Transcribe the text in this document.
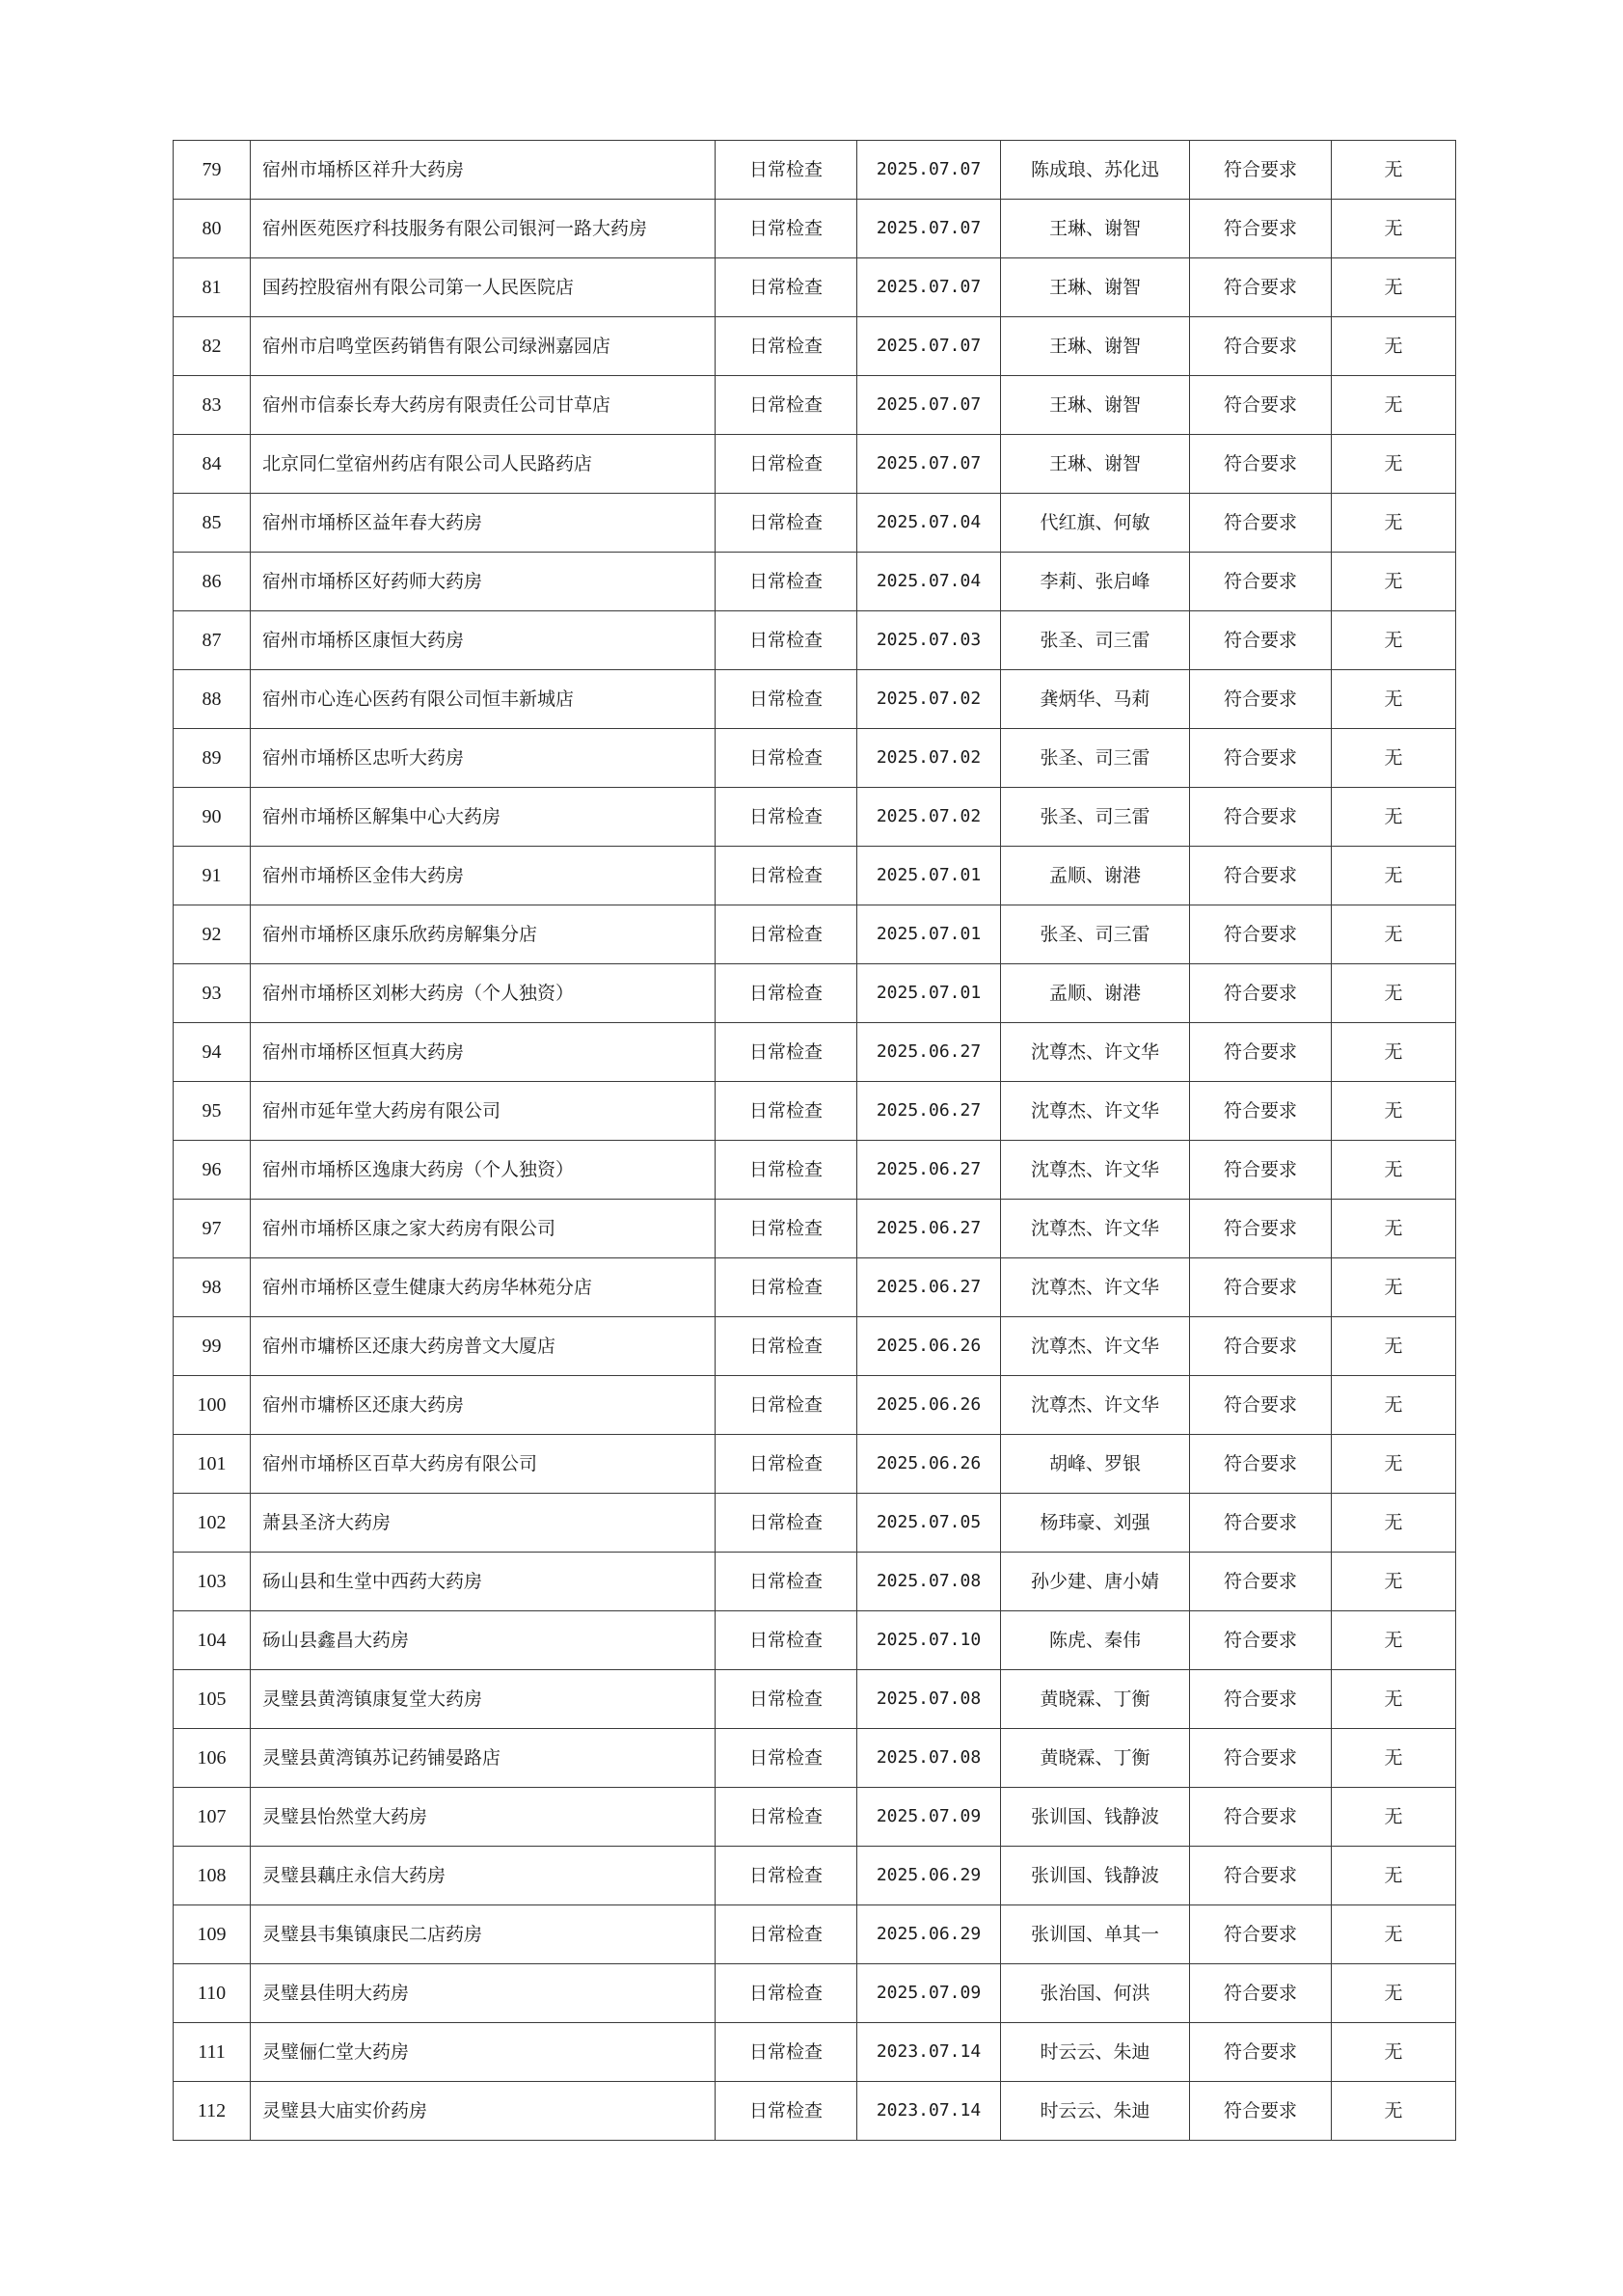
79	宿州市埇桥区祥升大药房	日常检查	2025.07.07	陈成琅、苏化迅	符合要求	无
80	宿州医苑医疗科技服务有限公司银河一路大药房	日常检查	2025.07.07	王琳、谢智	符合要求	无
81	国药控股宿州有限公司第一人民医院店	日常检查	2025.07.07	王琳、谢智	符合要求	无
82	宿州市启鸣堂医药销售有限公司绿洲嘉园店	日常检查	2025.07.07	王琳、谢智	符合要求	无
83	宿州市信泰长寿大药房有限责任公司甘草店	日常检查	2025.07.07	王琳、谢智	符合要求	无
84	北京同仁堂宿州药店有限公司人民路药店	日常检查	2025.07.07	王琳、谢智	符合要求	无
85	宿州市埇桥区益年春大药房	日常检查	2025.07.04	代红旗、何敏	符合要求	无
86	宿州市埇桥区好药师大药房	日常检查	2025.07.04	李莉、张启峰	符合要求	无
87	宿州市埇桥区康恒大药房	日常检查	2025.07.03	张圣、司三雷	符合要求	无
88	宿州市心连心医药有限公司恒丰新城店	日常检查	2025.07.02	龚炳华、马莉	符合要求	无
89	宿州市埇桥区忠听大药房	日常检查	2025.07.02	张圣、司三雷	符合要求	无
90	宿州市埇桥区解集中心大药房	日常检查	2025.07.02	张圣、司三雷	符合要求	无
91	宿州市埇桥区金伟大药房	日常检查	2025.07.01	孟顺、谢港	符合要求	无
92	宿州市埇桥区康乐欣药房解集分店	日常检查	2025.07.01	张圣、司三雷	符合要求	无
93	宿州市埇桥区刘彬大药房（个人独资）	日常检查	2025.07.01	孟顺、谢港	符合要求	无
94	宿州市埇桥区恒真大药房	日常检查	2025.06.27	沈尊杰、许文华	符合要求	无
95	宿州市延年堂大药房有限公司	日常检查	2025.06.27	沈尊杰、许文华	符合要求	无
96	宿州市埇桥区逸康大药房（个人独资）	日常检查	2025.06.27	沈尊杰、许文华	符合要求	无
97	宿州市埇桥区康之家大药房有限公司	日常检查	2025.06.27	沈尊杰、许文华	符合要求	无
98	宿州市埇桥区壹生健康大药房华林苑分店	日常检查	2025.06.27	沈尊杰、许文华	符合要求	无
99	宿州市墉桥区还康大药房普文大厦店	日常检查	2025.06.26	沈尊杰、许文华	符合要求	无
100	宿州市墉桥区还康大药房	日常检查	2025.06.26	沈尊杰、许文华	符合要求	无
101	宿州市埇桥区百草大药房有限公司	日常检查	2025.06.26	胡峰、罗银	符合要求	无
102	萧县圣济大药房	日常检查	2025.07.05	杨玮豪、刘强	符合要求	无
103	砀山县和生堂中西药大药房	日常检查	2025.07.08	孙少建、唐小婧	符合要求	无
104	砀山县鑫昌大药房	日常检查	2025.07.10	陈虎、秦伟	符合要求	无
105	灵璧县黄湾镇康复堂大药房	日常检查	2025.07.08	黄晓霖、丁衡	符合要求	无
106	灵璧县黄湾镇苏记药铺晏路店	日常检查	2025.07.08	黄晓霖、丁衡	符合要求	无
107	灵璧县怡然堂大药房	日常检查	2025.07.09	张训国、钱静波	符合要求	无
108	灵璧县藕庄永信大药房	日常检查	2025.06.29	张训国、钱静波	符合要求	无
109	灵璧县韦集镇康民二店药房	日常检查	2025.06.29	张训国、单其一	符合要求	无
110	灵璧县佳明大药房	日常检查	2025.07.09	张治国、何洪	符合要求	无
111	灵璧俪仁堂大药房	日常检查	2023.07.14	时云云、朱迪	符合要求	无
112	灵璧县大庙实价药房	日常检查	2023.07.14	时云云、朱迪	符合要求	无
